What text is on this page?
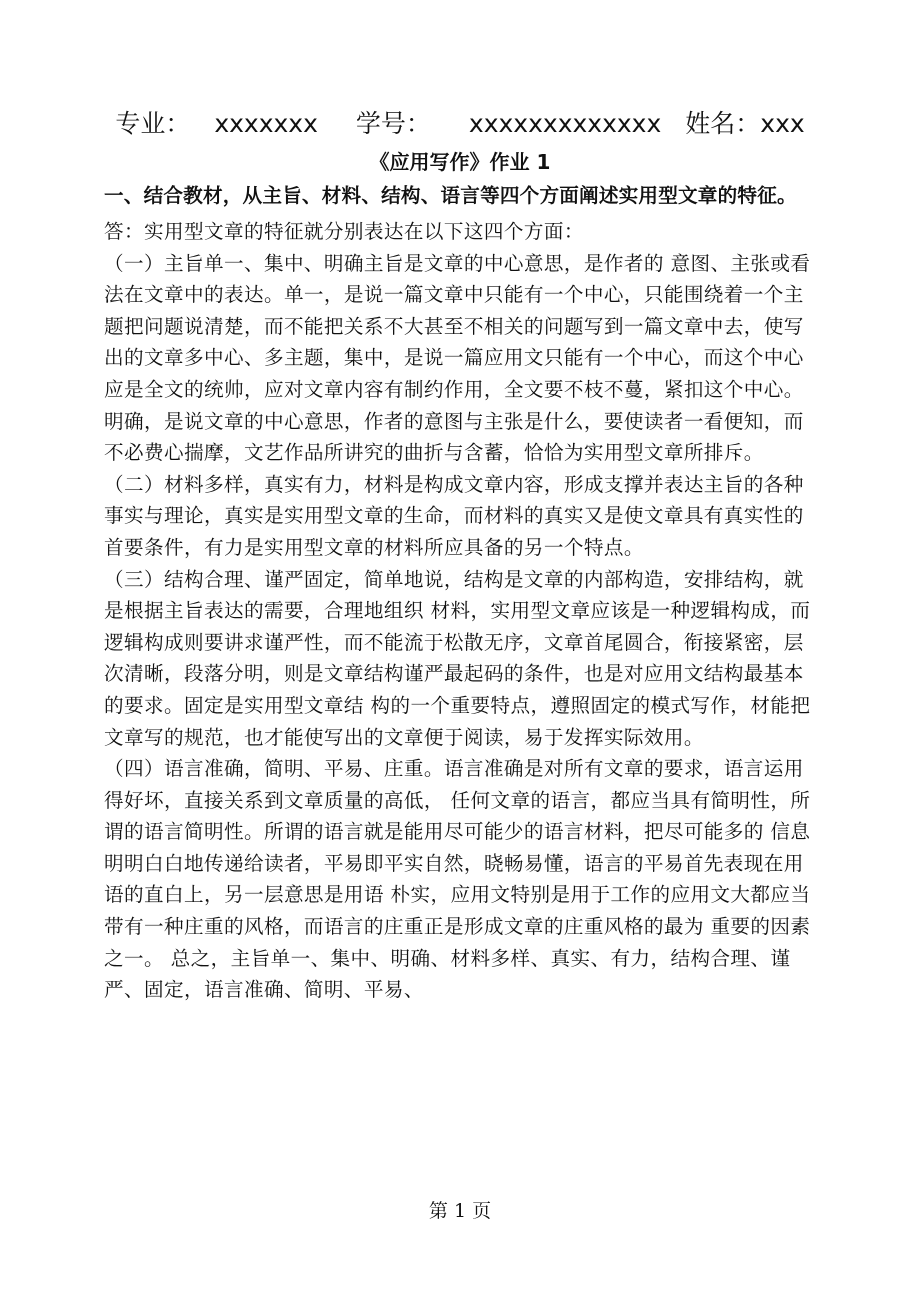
专业： xxxxxxx 学号： xxxxxxxxxxxxx 姓名：xxx
《应用写作》作业 1
一、结合教材，从主旨、材料、结构、语言等四个方面阐述实用型文章的特征。

答：实用型文章的特征就分别表达在以下这四个方面：

（一）主旨单一、集中、明确主旨是文章的中心意思，是作者的 意图、主张或看法在文章中的表达。单一，是说一篇文章中只能有一个中心，只能围绕着一个主题把问题说清楚，而不能把关系不大甚至不相关的问题写到一篇文章中去，使写出的文章多中心、多主题，集中，是说一篇应用文只能有一个中心，而这个中心应是全文的统帅，应对文章内容有制约作用，全文要不枝不蔓，紧扣这个中心。明确，是说文章的中心意思，作者的意图与主张是什么，要使读者一看便知，而不必费心揣摩，文艺作品所讲究的曲折与含蓄，恰恰为实用型文章所排斥。

（二）材料多样，真实有力，材料是构成文章内容，形成支撑并表达主旨的各种事实与理论，真实是实用型文章的生命，而材料的真实又是使文章具有真实性的首要条件，有力是实用型文章的材料所应具备的另一个特点。

（三）结构合理、谨严固定，简单地说，结构是文章的内部构造，安排结构，就是根据主旨表达的需要，合理地组织 材料，实用型文章应该是一种逻辑构成，而逻辑构成则要讲求谨严性，而不能流于松散无序，文章首尾圆合，衔接紧密，层次清晰，段落分明，则是文章结构谨严最起码的条件，也是对应用文结构最基本的要求。固定是实用型文章结 构的一个重要特点，遵照固定的模式写作，材能把文章写的规范，也才能使写出的文章便于阅读，易于发挥实际效用。

（四）语言准确，简明、平易、庄重。语言准确是对所有文章的要求，语言运用得好坏，直接关系到文章质量的高低， 任何文章的语言，都应当具有简明性，所谓的语言简明性。所谓的语言就是能用尽可能少的语言材料，把尽可能多的 信息明明白白地传递给读者，平易即平实自然，晓畅易懂，语言的平易首先表现在用语的直白上，另一层意思是用语 朴实，应用文特别是用于工作的应用文大都应当带有一种庄重的风格，而语言的庄重正是形成文章的庄重风格的最为 重要的因素之一。 总之，主旨单一、集中、明确、材料多样、真实、有力，结构合理、谨严、固定，语言准确、简明、平易、

第 1 页
